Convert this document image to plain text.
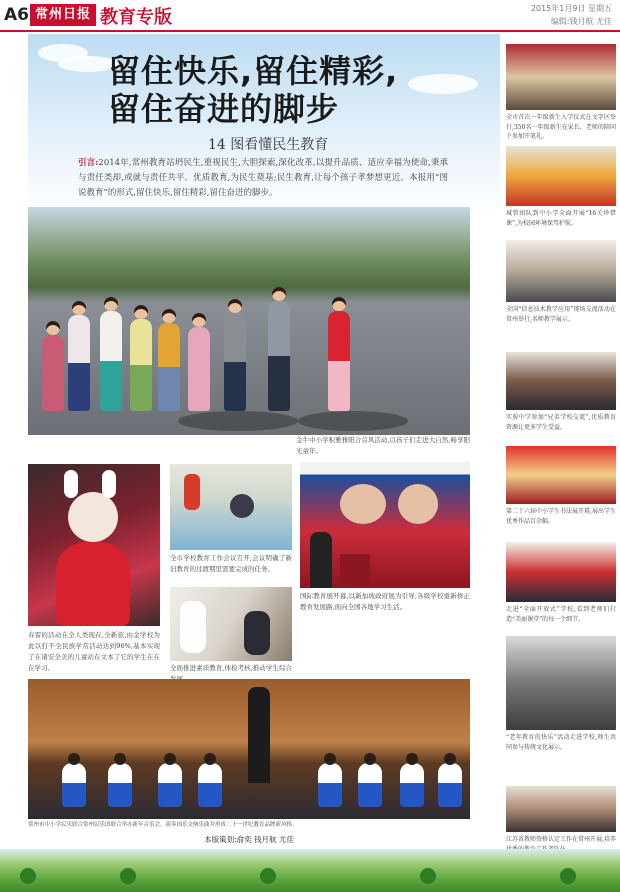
A6 常州日报 教育专版	2015年1月9日 星期五
编辑:钱月航 尤佳
留住快乐,留住精彩,
留住奋进的脚步
14 图看懂民生教育
引言:2014年,常州教育站坍民生,重视民生,大胆探索,深化改革,以提升品质、适应幸福为使命,秉承与责任类却,或就与责任共平。优质教育,为民生奠基;民生教育,让每个孩子孝梦想更近。本报用“图说教育”的形式,留住快乐,留住精彩,留住奋进的脚步。
金牛中小学积雅雅阳合首风活动,以孩子们走进大自然,畅享阳光童年。
春雷的活动在全人类现在,全新旅,由金学校为此以打不全民族学常活动达到96%,基本实现了在诸安全美的儿童站在文本了它的学生在在在学习。
全市学校教育工作会议召开,会议明确了新旧教育的过渡期里需要完成的任务。
全面推进素质教育,体检考核,推动学生综合
国际教育展开幕,以新加坡政府展为引导,各级学校重新修正教育发展路,面向全国各地学习生活。
常州市中小学民乐联合常州民乐团联合举办新年音乐会。演奏国乐交响乐曲并形成二十一世纪教育品牌新风格。
本版策划:俞奕 钱月航 尤佳
全市首次一年级新生入学仪式在文字区举行,350名一年级新生在家长、老师的陪同下参加开笔礼。
城管团队到中小学全面开展“16关珍惜课”,为校园环境保驾护航。
全国“信息技术教学应用”现场交流活动在常州举行,名师教学展示。
实验中学参加“兄弟学校交流”,优质教育资源让更多学生受益。
第二十六届中小学生书法展开幕,展出学生优秀作品百余幅。
走进“全面开放式”学校,看到老师们打造“美丽课堂”的每一个细节。
“老年教育的快乐”活动走进学校,师生共同参与传统文化展示。
江苏省教师资格认定工作在常州开展,培养
